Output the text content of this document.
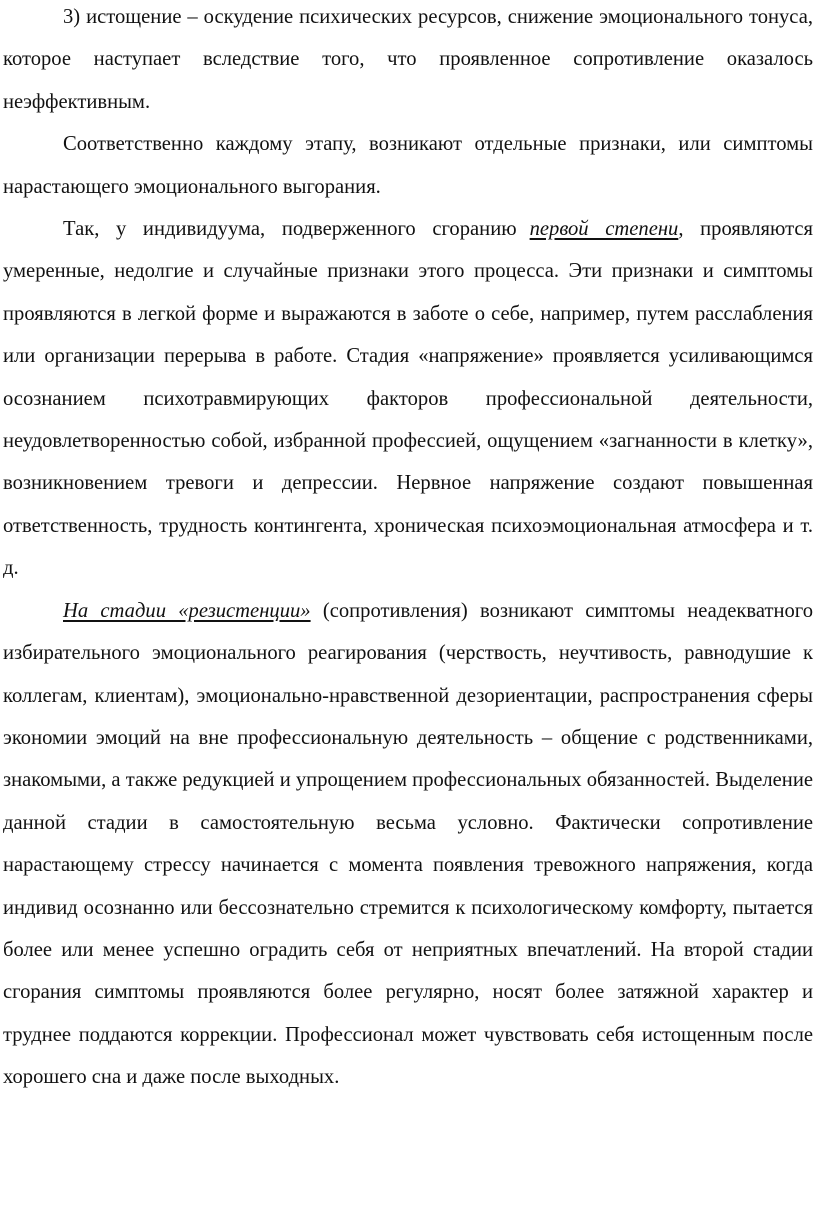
3) истощение – оскудение психических ресурсов, снижение эмоционального тонуса, которое наступает вследствие того, что проявленное сопротивление оказалось неэффективным.

Соответственно каждому этапу, возникают отдельные признаки, или симптомы нарастающего эмоционального выгорания.

Так, у индивидуума, подверженного сгоранию первой степени, проявляются умеренные, недолгие и случайные признаки этого процесса. Эти признаки и симптомы проявляются в легкой форме и выражаются в заботе о себе, например, путем расслабления или организации перерыва в работе. Стадия «напряжение» проявляется усиливающимся осознанием психотравмирующих факторов профессиональной деятельности, неудовлетворенностью собой, избранной профессией, ощущением «загнанности в клетку», возникновением тревоги и депрессии. Нервное напряжение создают повышенная ответственность, трудность контингента, хроническая психоэмоциональная атмосфера и т. д.

На стадии «резистенции» (сопротивления) возникают симптомы неадекватного избирательного эмоционального реагирования (черствость, неучтивость, равнодушие к коллегам, клиентам), эмоционально-нравственной дезориентации, распространения сферы экономии эмоций на вне профессиональную деятельность – общение с родственниками, знакомыми, а также редукцией и упрощением профессиональных обязанностей. Выделение данной стадии в самостоятельную весьма условно. Фактически сопротивление нарастающему стрессу начинается с момента появления тревожного напряжения, когда индивид осознанно или бессознательно стремится к психологическому комфорту, пытается более или менее успешно оградить себя от неприятных впечатлений. На второй стадии сгорания симптомы проявляются более регулярно, носят более затяжной характер и труднее поддаются коррекции. Профессионал может чувствовать себя истощенным после хорошего сна и даже после выходных.
